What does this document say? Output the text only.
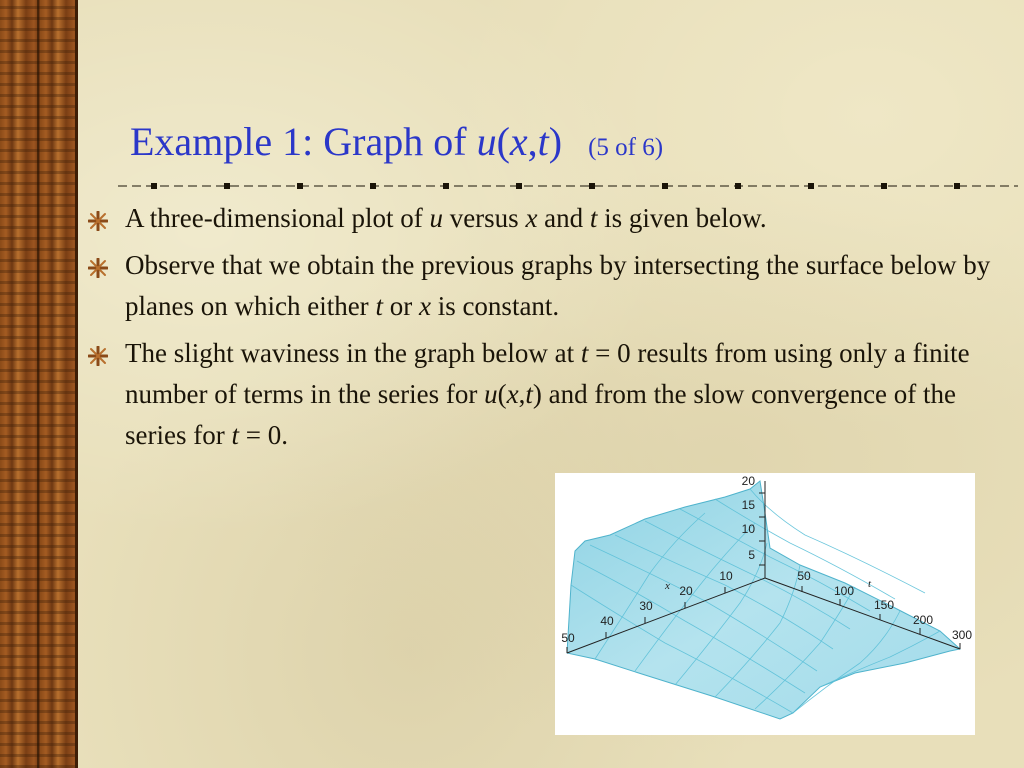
Example 1: Graph of u(x,t) (5 of 6)
A three-dimensional plot of u versus x and t is given below.
Observe that we obtain the previous graphs by intersecting the surface below by planes on which either t or x is constant.
The slight waviness in the graph below at t = 0 results from using only a finite number of terms in the series for u(x,t) and from the slow convergence of the series for t = 0.
20
15
10
5
10
20
30
40
50
x
50
100
150
200
300
t
